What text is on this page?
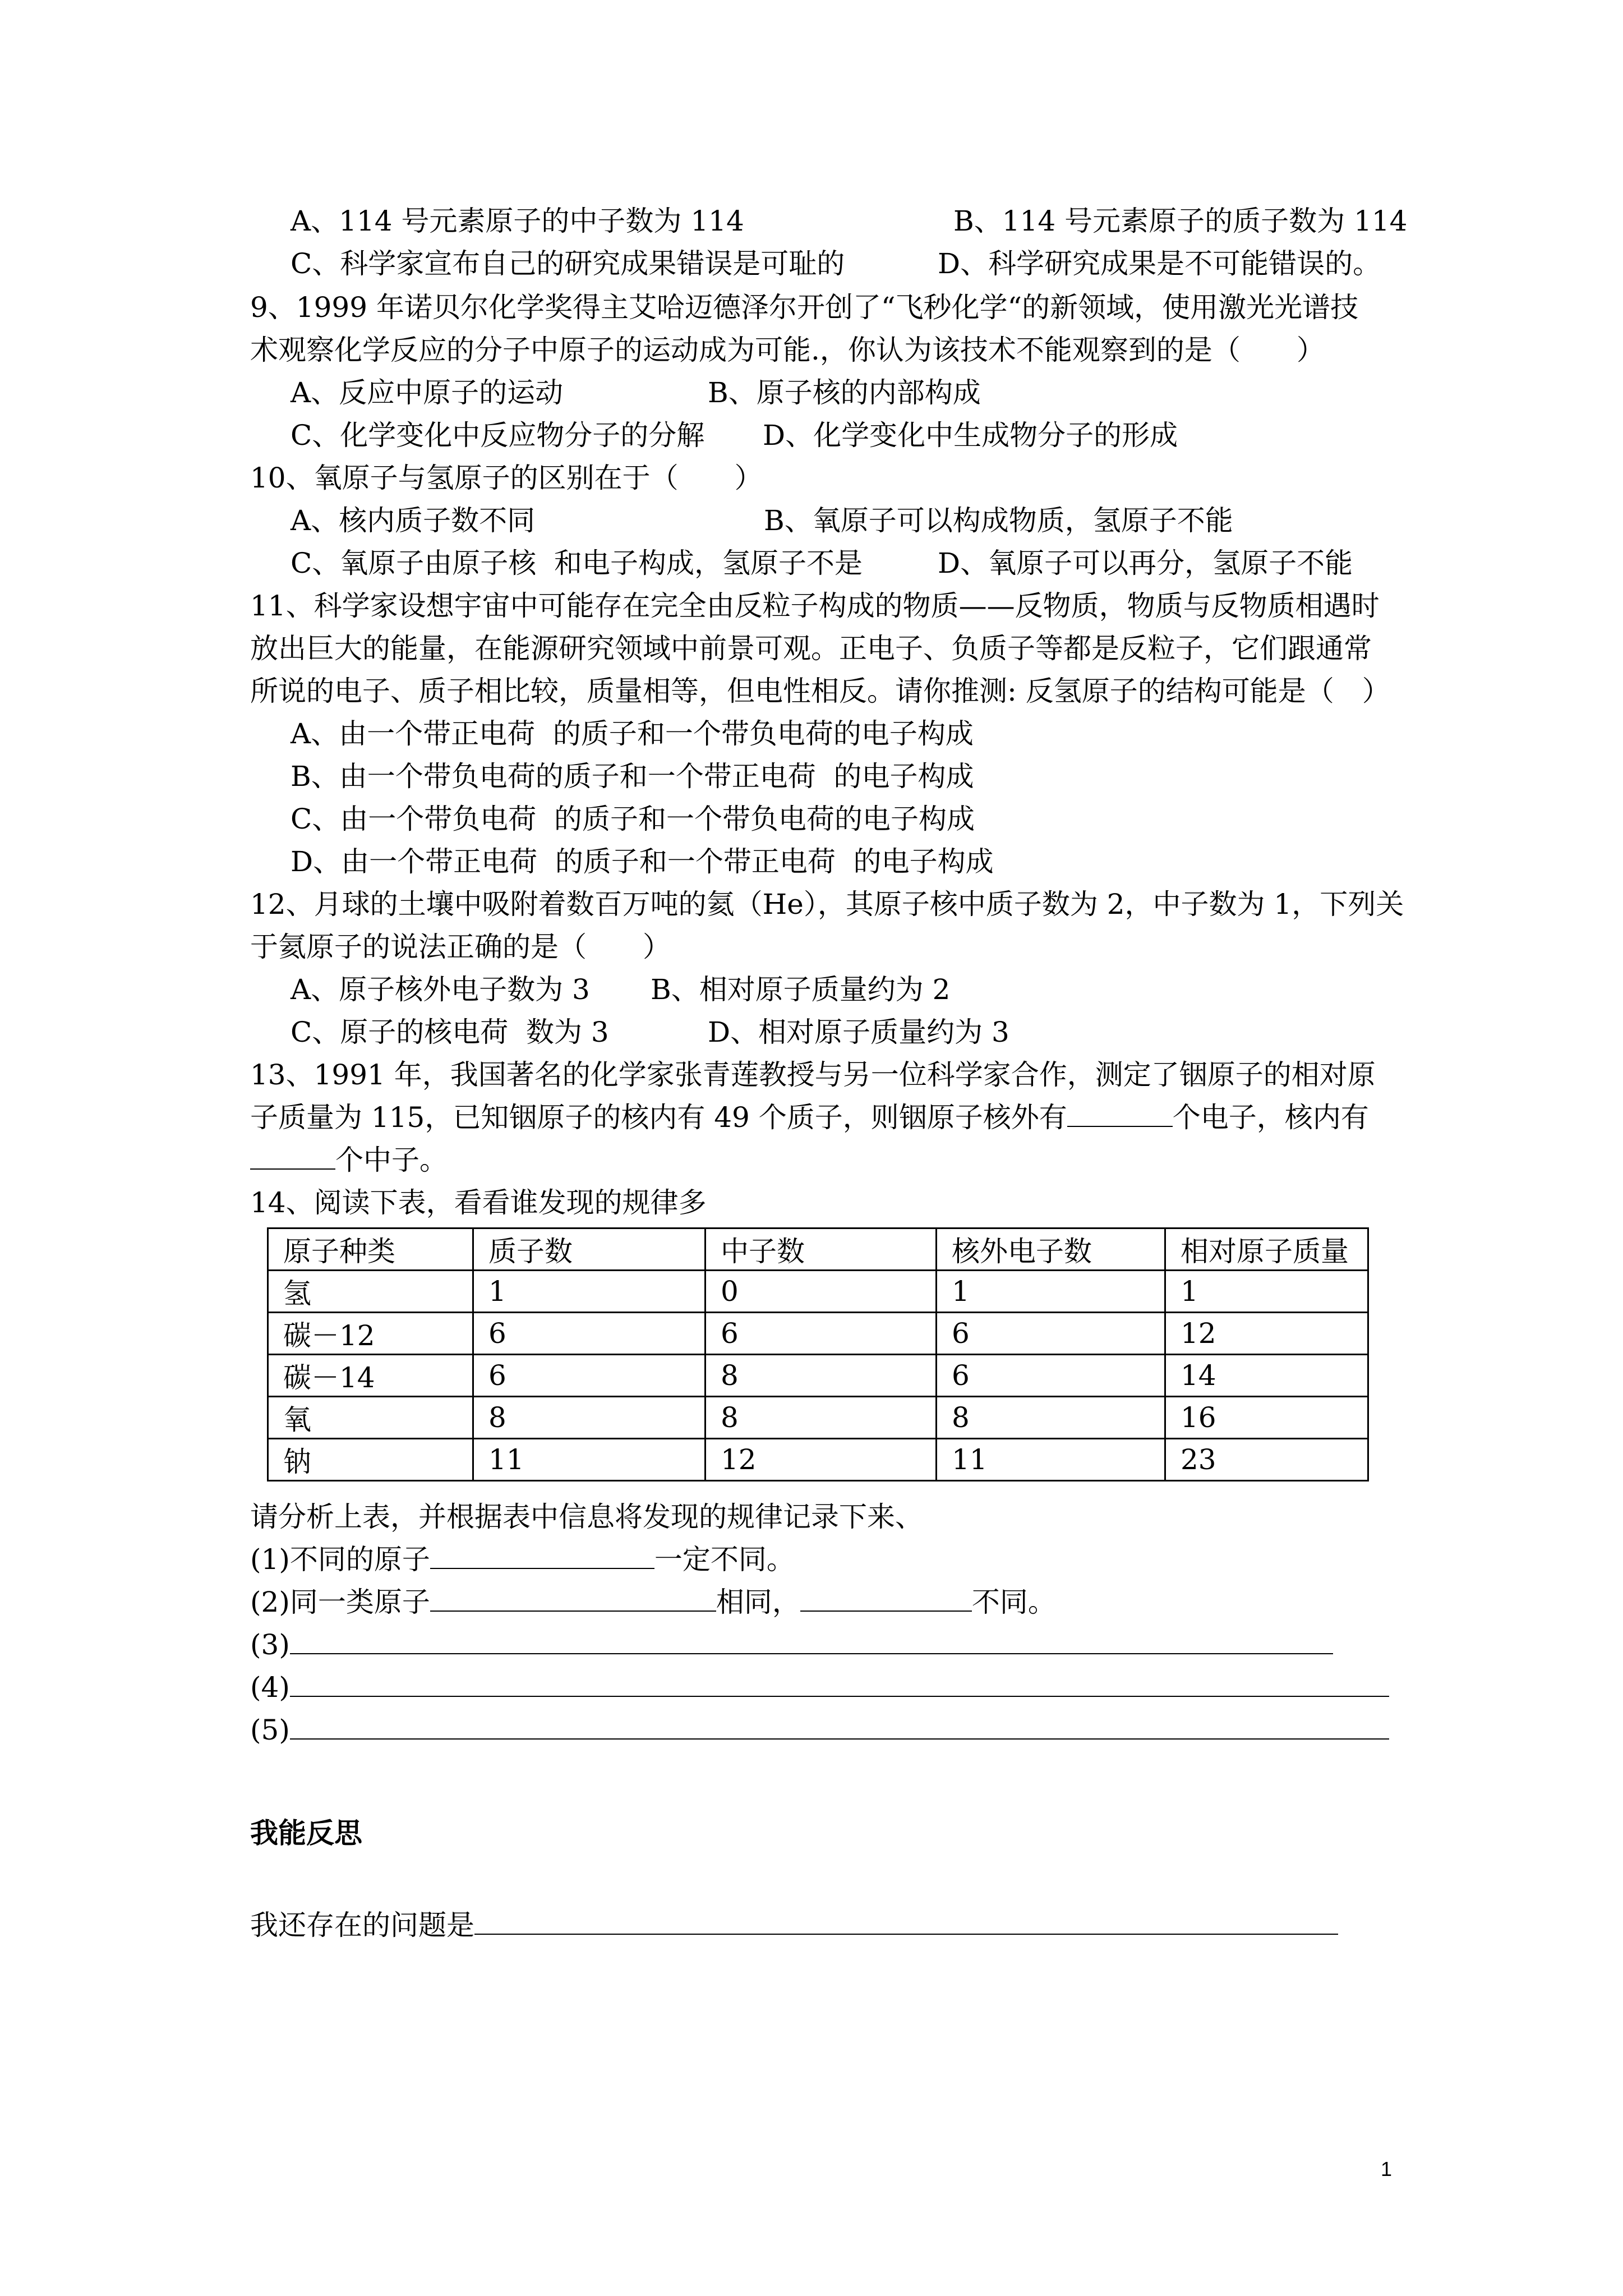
A、114 号元素原子的中子数为 114	B、114 号元素原子的质子数为 114
C、科学家宣布自己的研究成果错误是可耻的	D、科学研究成果是不可能错误的。
9、1999 年诺贝尔化学奖得主艾哈迈德泽尔开创了“飞秒化学“的新领域，使用激光光谱技
术观察化学反应的分子中原子的运动成为可能.，你认为该技术不能观察到的是（　　）
A、反应中原子的运动	B、原子核的内部构成
C、化学变化中反应物分子的分解 D、化学变化中生成物分子的形成
10、氧原子与氢原子的区别在于（　　）
A、核内质子数不同	B、氧原子可以构成物质，氢原子不能
C、氧原子由原子核  和电子构成，氢原子不是	D、氧原子可以再分，氢原子不能
11、科学家设想宇宙中可能存在完全由反粒子构成的物质——反物质，物质与反物质相遇时
放出巨大的能量，在能源研究领域中前景可观。正电子、负质子等都是反粒子，它们跟通常
所说的电子、质子相比较，质量相等，但电性相反。请你推测: 反氢原子的结构可能是（　）
A、由一个带正电荷  的质子和一个带负电荷的电子构成
B、由一个带负电荷的质子和一个带正电荷  的电子构成
C、由一个带负电荷  的质子和一个带负电荷的电子构成
D、由一个带正电荷  的质子和一个带正电荷  的电子构成
12、月球的土壤中吸附着数百万吨的氦（He），其原子核中质子数为 2，中子数为 1，下列关
于氦原子的说法正确的是（　　）
A、原子核外电子数为 3 B、相对原子质量约为 2
C、原子的核电荷  数为 3	D、相对原子质量约为 3
13、1991 年，我国著名的化学家张青莲教授与另一位科学家合作，测定了铟原子的相对原
子质量为 115，已知铟原子的核内有 49 个质子，则铟原子核外有	个电子，核内有
个中子。
14、阅读下表，看看谁发现的规律多
原子种类	质子数	中子数	核外电子数	相对原子质量
氢	1	0	1	1
碳－12	6	6	6	12
碳－14	6	8	6	14
氧	8	8	8	16
钠	11	12	11	23
请分析上表，并根据表中信息将发现的规律记录下来、
(1)不同的原子	一定不同。
(2)同一类原子	相同，	不同。
(3)
(4)
(5)
我能反思
我还存在的问题是
1
